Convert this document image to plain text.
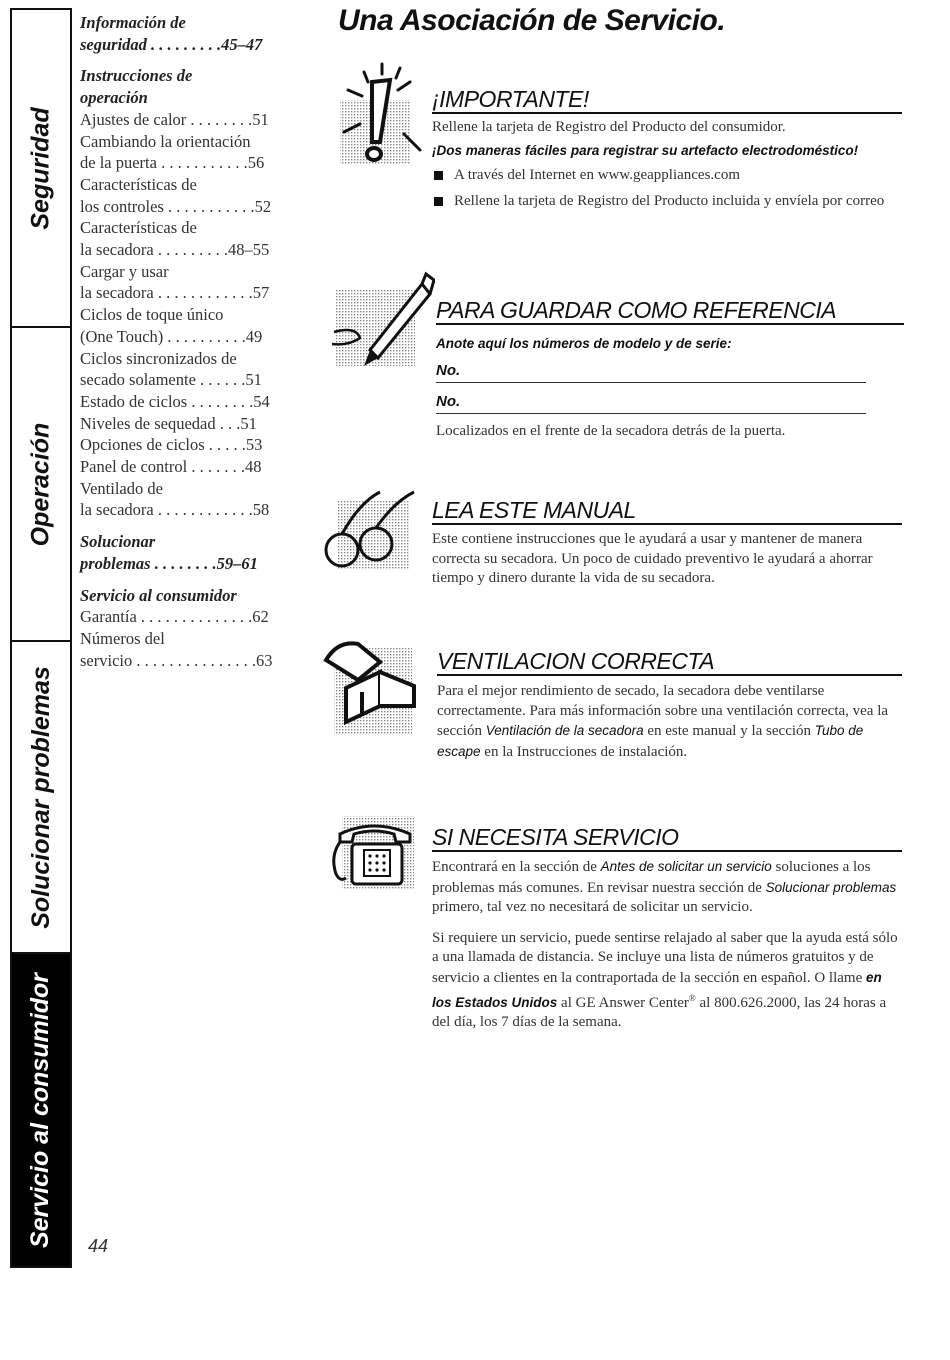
Seguridad
Operación
Solucionar problemas
Servicio al consumidor
Información de
seguridad . . . . . . . . .45–47
Instrucciones de operación
Ajustes de calor . . . . . . . .51
Cambiando la orientación
de la puerta . . . . . . . . . . .56
Características de
los controles . . . . . . . . . . .52
Características de
la secadora . . . . . . . . .48–55
Cargar y usar
la secadora . . . . . . . . . . . .57
Ciclos de toque único
(One Touch) . . . . . . . . . .49
Ciclos sincronizados de
secado solamente . . . . . .51
Estado de ciclos . . . . . . . .54
Niveles de sequedad . . .51
Opciones de ciclos . . . . .53
Panel de control . . . . . . .48
Ventilado de
la secadora . . . . . . . . . . . .58
Solucionar
problemas . . . . . . . .59–61
Servicio al consumidor
Garantía . . . . . . . . . . . . . .62
Números del
servicio . . . . . . . . . . . . . . .63
44
Una Asociación de Servicio.
¡IMPORTANTE!
Rellene la tarjeta de Registro del Producto del consumidor.
¡Dos maneras fáciles para registrar su artefacto electrodoméstico!
A través del Internet en www.geappliances.com
Rellene la tarjeta de Registro del Producto incluida y envíela por correo
PARA GUARDAR COMO REFERENCIA
Anote aquí los números de modelo y de serie:
No.
No.
Localizados en el frente de la secadora detrás de la puerta.
LEA ESTE MANUAL
Este contiene instrucciones que le ayudará a usar y mantener de manera correcta su secadora. Un poco de cuidado preventivo le ayudará a ahorrar tiempo y dinero durante la vida de su secadora.
VENTILACION CORRECTA
Para el mejor rendimiento de secado, la secadora debe ventilarse correctamente. Para más información sobre una ventilación correcta, vea la sección Ventilación de la secadora en este manual y la sección Tubo de escape en la Instrucciones de instalación.
SI NECESITA SERVICIO
Encontrará en la sección de Antes de solicitar un servicio soluciones a los problemas más comunes. En revisar nuestra sección de Solucionar problemas primero, tal vez no necesitará de solicitar un servicio.
Si requiere un servicio, puede sentirse relajado al saber que la ayuda está sólo a una llamada de distancia. Se incluye una lista de números gratuitos y de servicio a clientes en la contraportada de la sección en español. O llame en los Estados Unidos al GE Answer Center® al 800.626.2000, las 24 horas a del día, los 7 días de la semana.
